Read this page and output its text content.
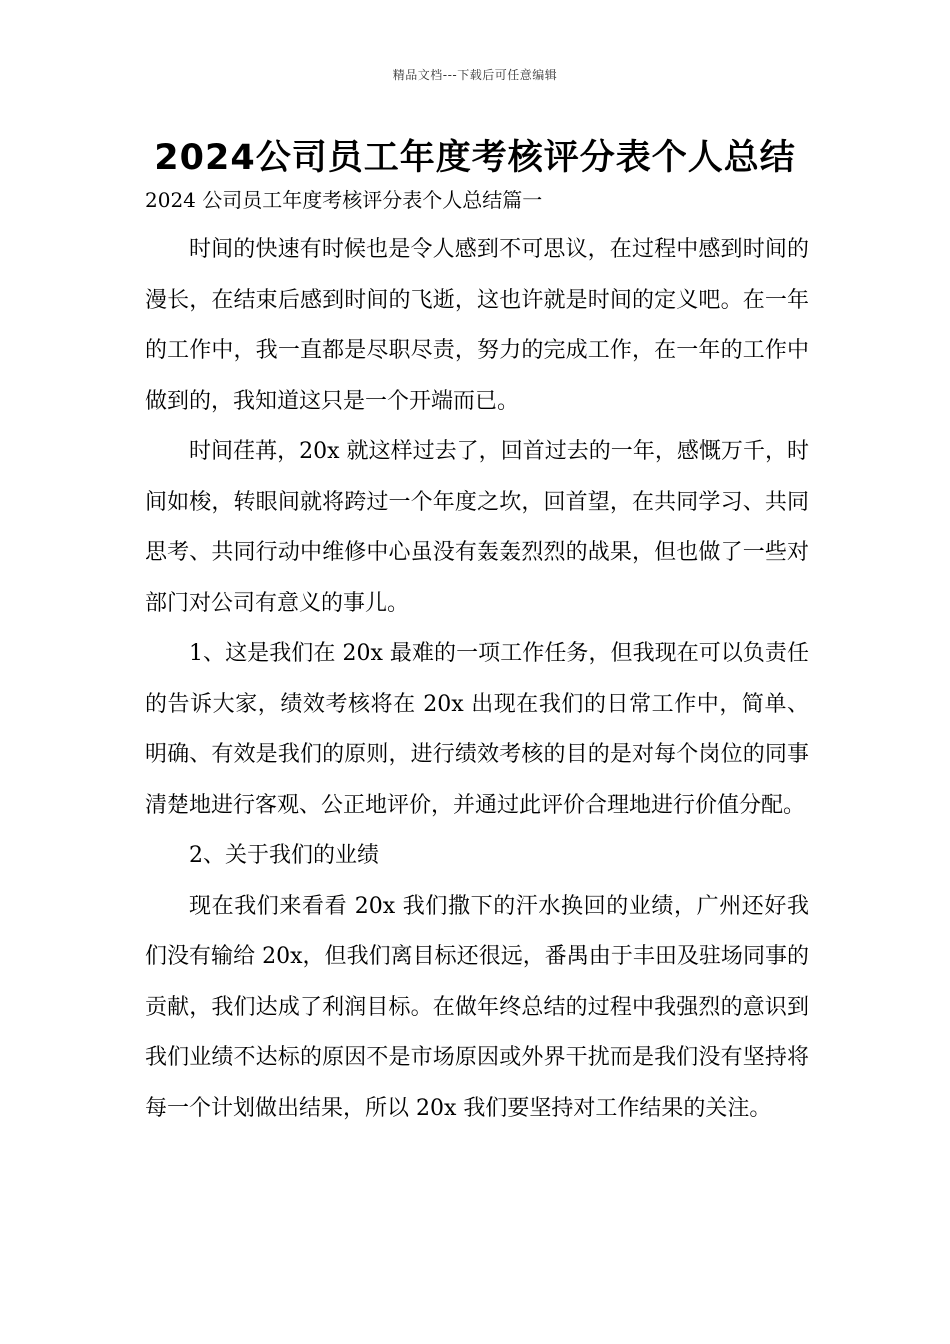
精品文档---下载后可任意编辑
2024公司员工年度考核评分表个人总结

2024 公司员工年度考核评分表个人总结篇一

时间的快速有时候也是令人感到不可思议，在过程中感到时间的漫长，在结束后感到时间的飞逝，这也许就是时间的定义吧。在一年的工作中，我一直都是尽职尽责，努力的完成工作，在一年的工作中做到的，我知道这只是一个开端而已。

时间荏苒，20x 就这样过去了，回首过去的一年，感慨万千，时间如梭，转眼间就将跨过一个年度之坎，回首望，在共同学习、共同思考、共同行动中维修中心虽没有轰轰烈烈的战果，但也做了一些对部门对公司有意义的事儿。

1、这是我们在 20x 最难的一项工作任务，但我现在可以负责任的告诉大家，绩效考核将在 20x 出现在我们的日常工作中，简单、明确、有效是我们的原则，进行绩效考核的目的是对每个岗位的同事清楚地进行客观、公正地评价，并通过此评价合理地进行价值分配。

2、关于我们的业绩

现在我们来看看 20x 我们撒下的汗水换回的业绩，广州还好我们没有输给 20x，但我们离目标还很远，番禺由于丰田及驻场同事的贡献，我们达成了利润目标。在做年终总结的过程中我强烈的意识到我们业绩不达标的原因不是市场原因或外界干扰而是我们没有坚持将每一个计划做出结果，所以 20x 我们要坚持对工作结果的关注。
